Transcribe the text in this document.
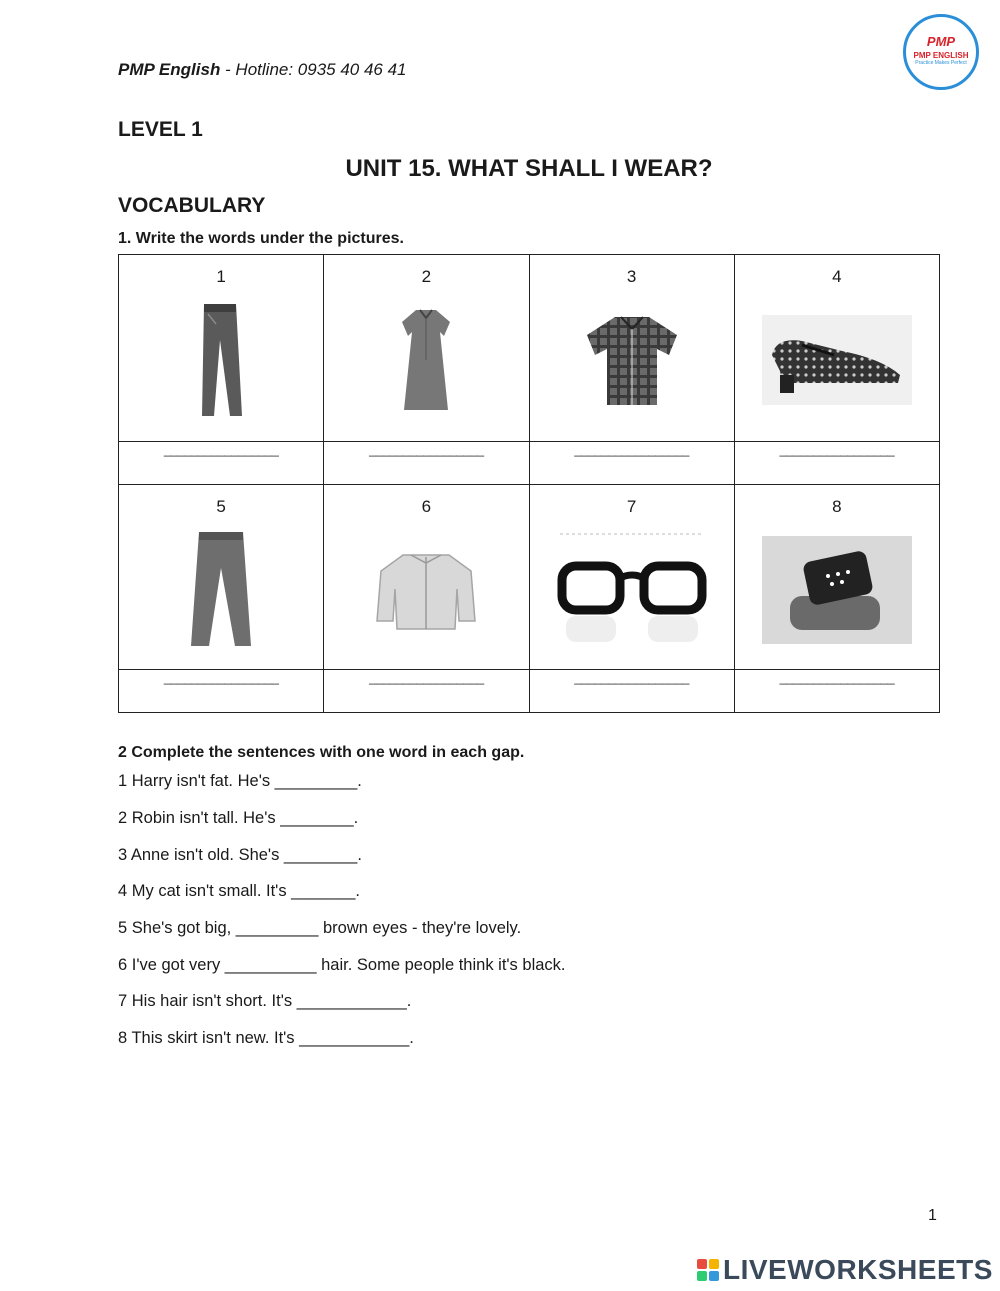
PMP English - Hotline: 0935 40 46 41
PMP
PMP ENGLISH
Practice Makes Perfect
LEVEL 1
UNIT 15. WHAT SHALL I WEAR?
VOCABULARY
1. Write the words under the pictures.
1	2	3	4

_________________	_________________	_________________	_________________

5	6	7	8

_________________	_________________	_________________	_________________
2 Complete the sentences with one word in each gap.
1 Harry isn't fat. He's _________.
2 Robin isn't tall. He's ________.
3 Anne isn't old. She's ________.
4 My cat isn't small. It's _______.
5 She's got big, _________ brown eyes - they're lovely.
6 I've got very __________ hair. Some people think it's black.
7 His hair isn't short. It's ____________.
8 This skirt isn't new. It's ____________.
1
LIVEWORKSHEETS
